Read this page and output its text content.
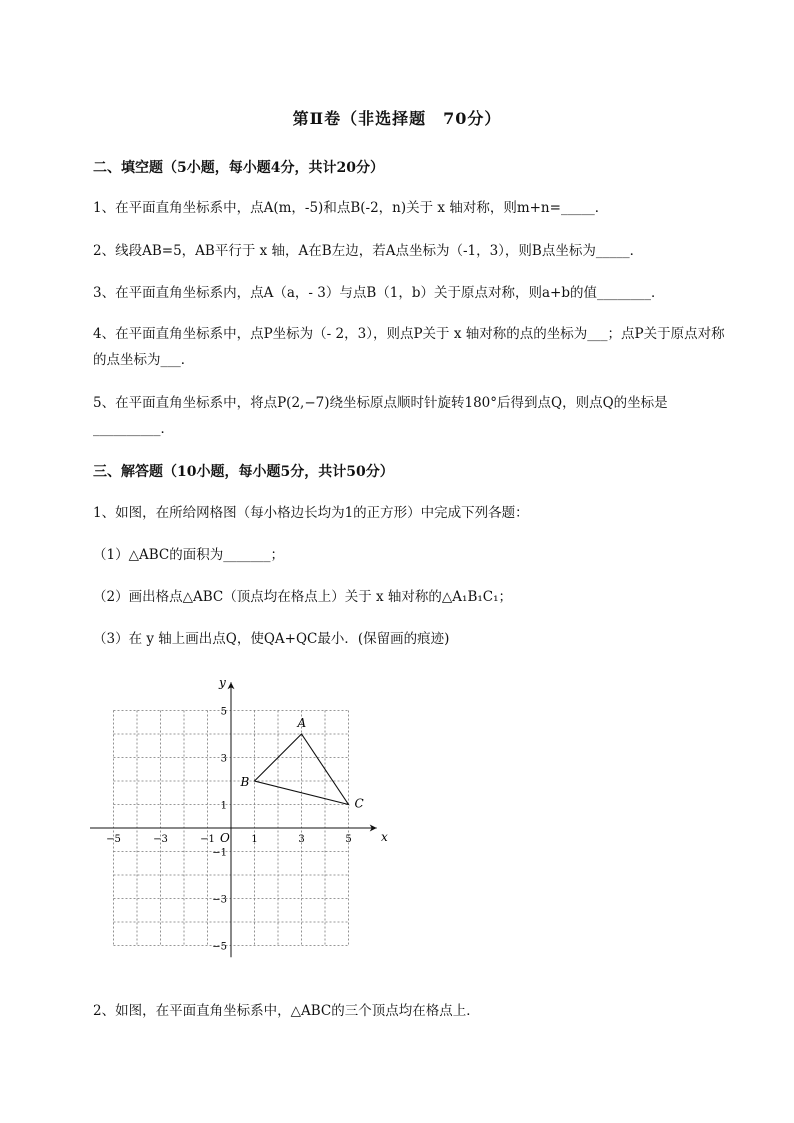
第Ⅱ卷（非选择题　70分）
二、填空题（5小题，每小题4分，共计20分）
1、在平面直角坐标系中，点A(m，-5)和点B(-2，n)关于 x 轴对称，则m+n=_____．
2、线段AB=5，AB平行于 x 轴，A在B左边，若A点坐标为（-1，3），则B点坐标为_____．
3、在平面直角坐标系内，点A（a，- 3）与点B（1，b）关于原点对称，则a+b的值________．
4、在平面直角坐标系中，点P坐标为（- 2，3），则点P关于 x 轴对称的点的坐标为___；点P关于原点对称的点坐标为___．
5、在平面直角坐标系中，将点P(2,−7)绕坐标原点顺时针旋转180°后得到点Q，则点Q的坐标是__________．
三、解答题（10小题，每小题5分，共计50分）
1、如图，在所给网格图（每小格边长均为1的正方形）中完成下列各题：
（1）△ABC的面积为_______；
（2）画出格点△ABC（顶点均在格点上）关于 x 轴对称的△A₁B₁C₁；
（3）在 y 轴上画出点Q，使QA+QC最小．(保留画的痕迹)
x
y
O
−5	−3	−1	1	3	5
5
3
1
−1
−3
−5
A
B
C
2、如图，在平面直角坐标系中，△ABC的三个顶点均在格点上．
